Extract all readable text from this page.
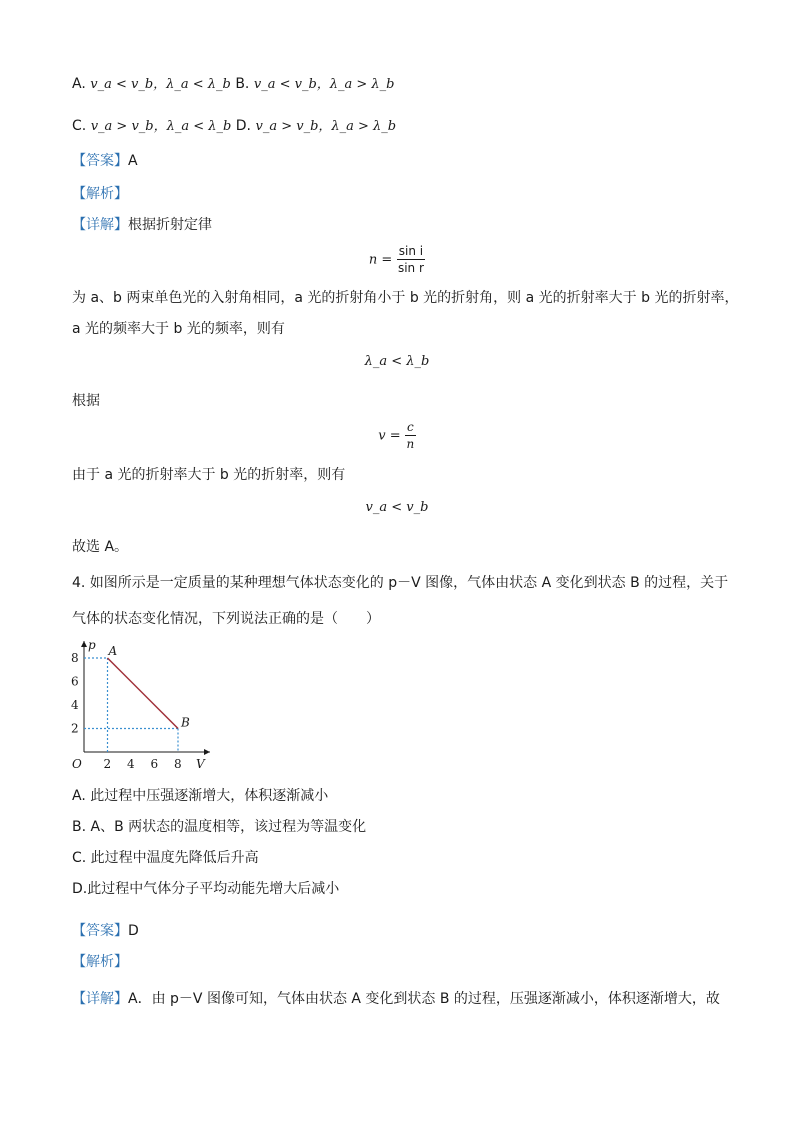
A. v_a < v_b，λ_a < λ_b B. v_a < v_b，λ_a > λ_b
C. v_a > v_b，λ_a < λ_b D. v_a > v_b，λ_a > λ_b
【答案】A
【解析】
【详解】根据折射定律
$n = \frac{\text{sin i}}{\text{sin r}}$
为 a、b 两束单色光的入射角相同，a 光的折射角小于 b 光的折射角，则 a 光的折射率大于 b 光的折射率，
a 光的频率大于 b 光的频率，则有
λ_a < λ_b
根据
$v = \frac{c}{n}$
由于 a 光的折射率大于 b 光的折射率，则有
v_a < v_b
故选 A。
4. 如图所示是一定质量的某种理想气体状态变化的 p－V 图像，气体由状态 A 变化到状态 B 的过程，关于
气体的状态变化情况，下列说法正确的是（　　）
2 4 6 8
2
4
6
8 A
B
V
p
O
A. 此过程中压强逐渐增大，体积逐渐减小
B. A、B 两状态的温度相等，该过程为等温变化
C. 此过程中温度先降低后升高
D.此过程中气体分子平均动能先增大后减小
【答案】D
【解析】
【详解】A．由 p－V 图像可知，气体由状态 A 变化到状态 B 的过程，压强逐渐减小，体积逐渐增大，故
